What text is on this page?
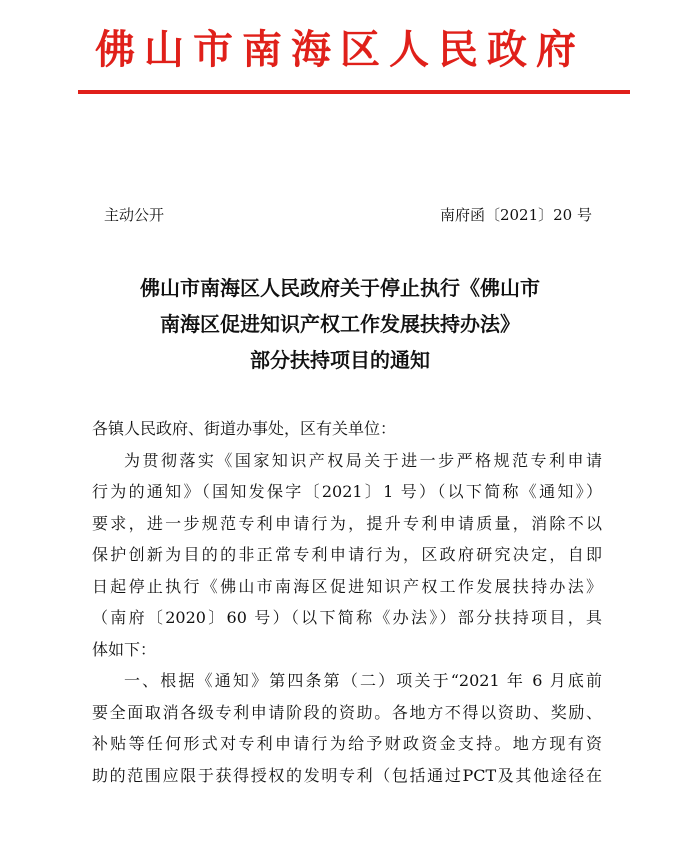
佛山市南海区人民政府
主动公开	南府函〔2021〕20 号
佛山市南海区人民政府关于停止执行《佛山市
南海区促进知识产权工作发展扶持办法》
部分扶持项目的通知
各镇人民政府、街道办事处，区有关单位：
为贯彻落实《国家知识产权局关于进一步严格规范专利申请
行为的通知》（国知发保字〔2021〕1 号）（以下简称《通知》）
要求，进一步规范专利申请行为，提升专利申请质量，消除不以
保护创新为目的的非正常专利申请行为，区政府研究决定，自即
日起停止执行《佛山市南海区促进知识产权工作发展扶持办法》
（南府〔2020〕60 号）（以下简称《办法》）部分扶持项目，具
体如下：
一、根据《通知》第四条第（二）项关于“2021 年 6 月底前
要全面取消各级专利申请阶段的资助。各地方不得以资助、奖励、
补贴等任何形式对专利申请行为给予财政资金支持。地方现有资
助的范围应限于获得授权的发明专利（包括通过PCT及其他途径在
